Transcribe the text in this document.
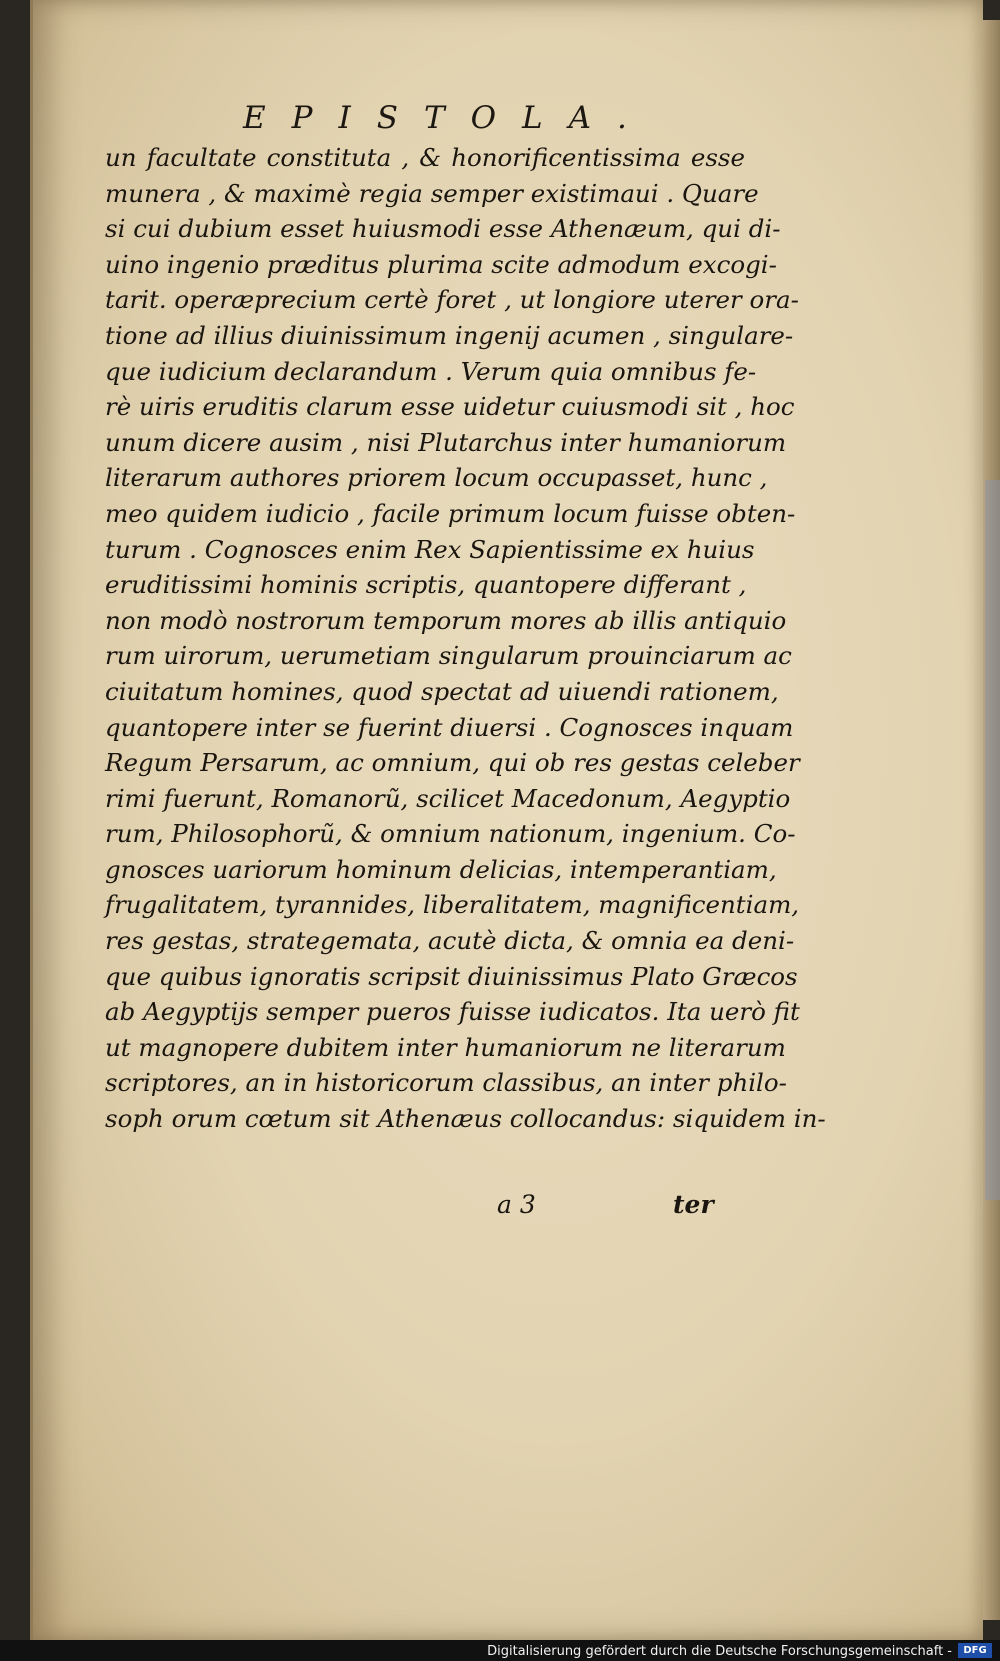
EPISTOLA.
un facultate constituta , & honorificentissima esse
munera , & maximè regia semper existimaui . Quare
si cui dubium esset huiusmodi esse Athenæum, qui di-
uino ingenio præditus plurima scite admodum excogi-
tarit. operæprecium certè foret , ut longiore uterer ora-
tione ad illius diuinissimum ingenij acumen , singulare-
que iudicium declarandum . Verum quia omnibus fe-
rè uiris eruditis clarum esse uidetur cuiusmodi sit , hoc
unum dicere ausim , nisi Plutarchus inter humaniorum
literarum authores priorem locum occupasset, hunc ,
meo quidem iudicio , facile primum locum fuisse obten-
turum . Cognosces enim Rex Sapientissime ex huius
eruditissimi hominis scriptis, quantopere differant ,
non modò nostrorum temporum mores ab illis antiquio
rum uirorum, uerumetiam singularum prouinciarum ac
ciuitatum homines, quod spectat ad uiuendi rationem,
quantopere inter se fuerint diuersi . Cognosces inquam
Regum Persarum, ac omnium, qui ob res gestas celeber
rimi fuerunt, Romanorũ, scilicet Macedonum, Aegyptio
rum, Philosophorũ, & omnium nationum, ingenium. Co-
gnosces uariorum hominum delicias, intemperantiam,
frugalitatem, tyrannides, liberalitatem, magnificentiam,
res gestas, strategemata, acutè dicta, & omnia ea deni-
que quibus ignoratis scripsit diuinissimus Plato Græcos
ab Aegyptijs semper pueros fuisse iudicatos. Ita uerò fit
ut magnopere dubitem inter humaniorum ne literarum
scriptores, an in historicorum classibus, an inter philo-
soph orum cœtum sit Athenæus collocandus: siquidem in-
a 3	ter
Digitalisierung gefördert durch die Deutsche Forschungsgemeinschaft -	DFG
